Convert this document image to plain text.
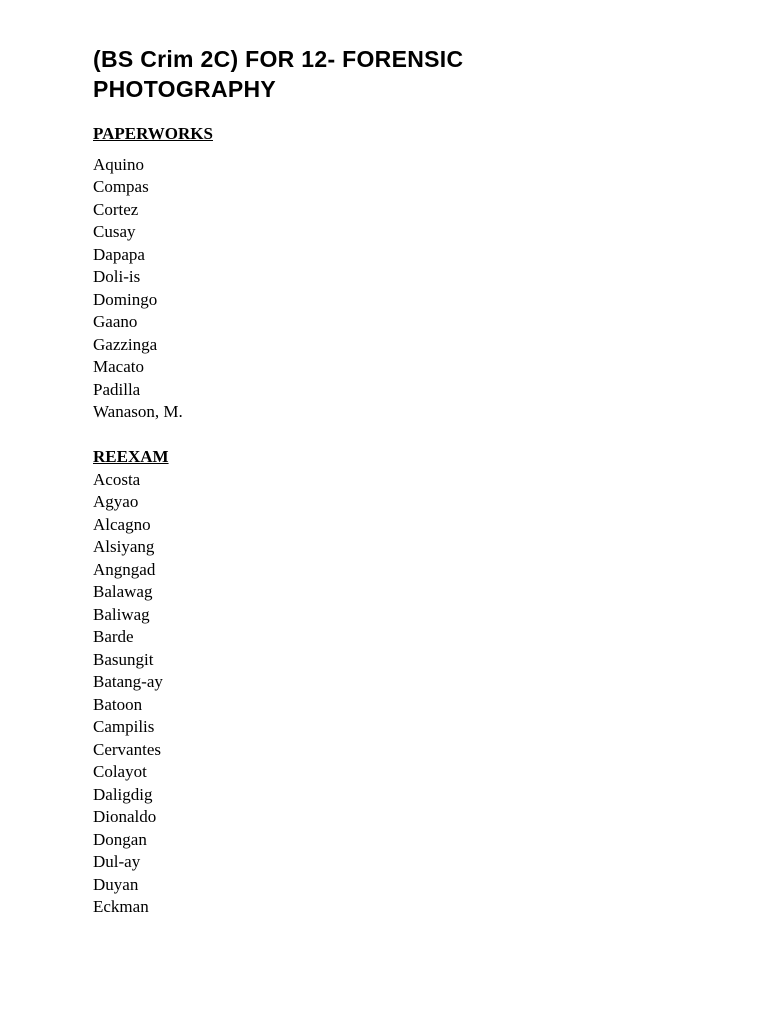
(BS Crim 2C) FOR 12- FORENSIC
PHOTOGRAPHY
PAPERWORKS
Aquino
Compas
Cortez
Cusay
Dapapa
Doli-is
Domingo
Gaano
Gazzinga
Macato
Padilla
Wanason, M.
REEXAM
Acosta
Agyao
Alcagno
Alsiyang
Angngad
Balawag
Baliwag
Barde
Basungit
Batang-ay
Batoon
Campilis
Cervantes
Colayot
Daligdig
Dionaldo
Dongan
Dul-ay
Duyan
Eckman
